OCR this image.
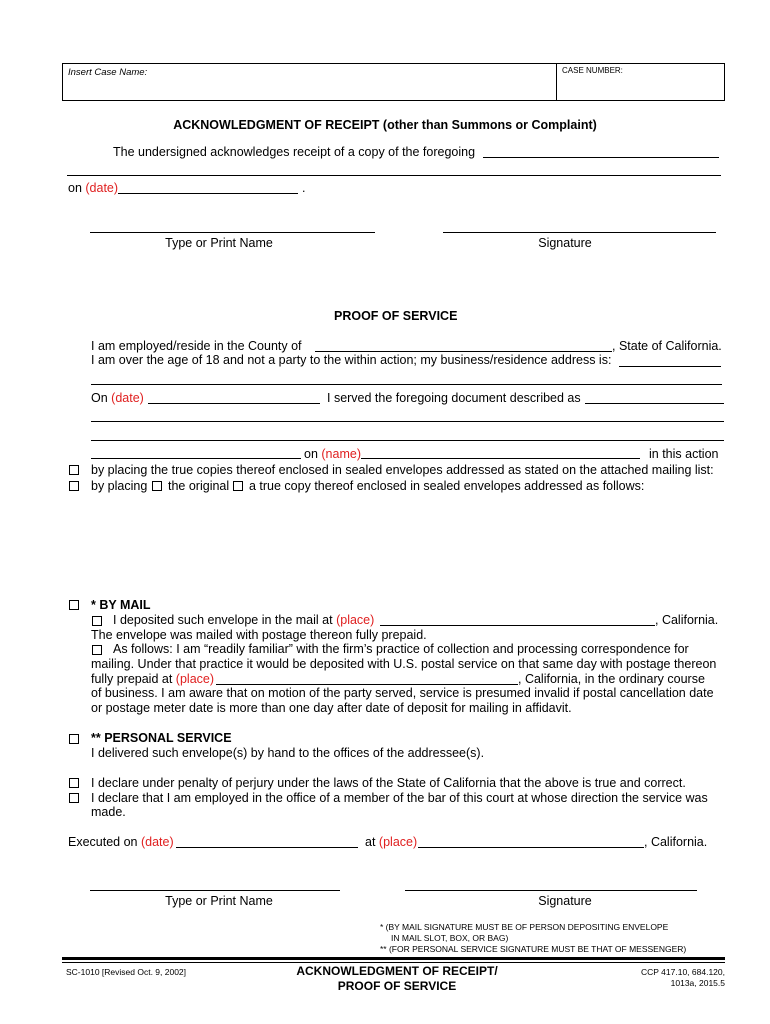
Insert Case Name:	CASE NUMBER:
ACKNOWLEDGMENT OF RECEIPT (other than Summons or Complaint)
The undersigned acknowledges receipt of a copy of the foregoing
on (date)	.
Type or Print Name	Signature
PROOF OF SERVICE
I am employed/reside in the County of	, State of California.
I am over the age of 18 and not a party to the within action; my business/residence address is:
On (date)	I served the foregoing document described as
on (name)	in this action
by placing the true copies thereof enclosed in sealed envelopes addressed as stated on the attached mailing list:
by placing the original a true copy thereof enclosed in sealed envelopes addressed as follows:
* BY MAIL
I deposited such envelope in the mail at (place)	, California.
The envelope was mailed with postage thereon fully prepaid.
As follows: I am “readily familiar” with the firm’s practice of collection and processing correspondence for
mailing. Under that practice it would be deposited with U.S. postal service on that same day with postage thereon
fully prepaid at (place)	, California, in the ordinary course
of business. I am aware that on motion of the party served, service is presumed invalid if postal cancellation date
or postage meter date is more than one day after date of deposit for mailing in affidavit.
** PERSONAL SERVICE
I delivered such envelope(s) by hand to the offices of the addressee(s).
I declare under penalty of perjury under the laws of the State of California that the above is true and correct.
I declare that I am employed in the office of a member of the bar of this court at whose direction the service was
made.
Executed on (date)	at (place)	, California.
Type or Print Name	Signature
* (BY MAIL SIGNATURE MUST BE OF PERSON DEPOSITING ENVELOPE
IN MAIL SLOT, BOX, OR BAG)
** (FOR PERSONAL SERVICE SIGNATURE MUST BE THAT OF MESSENGER)
SC-1010 [Revised Oct. 9, 2002]	ACKNOWLEDGMENT OF RECEIPT/
PROOF OF SERVICE
CCP 417.10, 684.120,
1013a, 2015.5
